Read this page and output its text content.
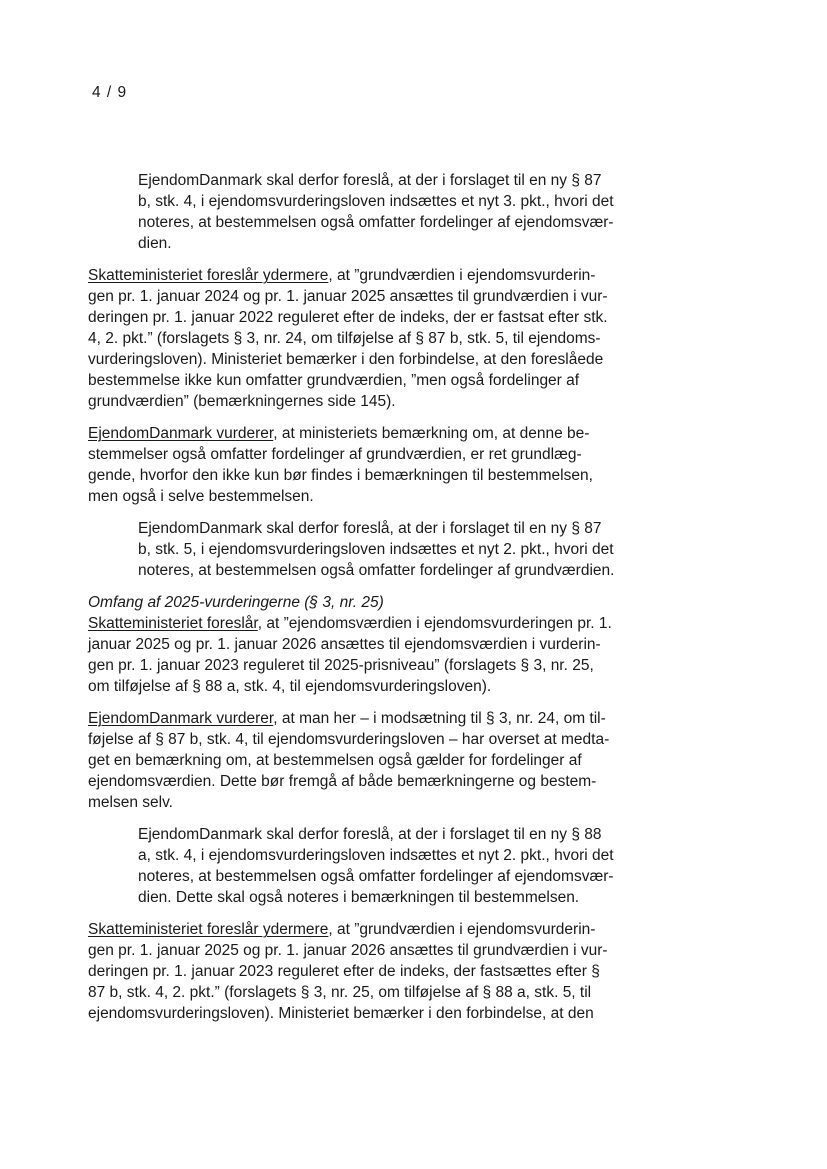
4 / 9

EjendomDanmark skal derfor foreslå, at der i forslaget til en ny § 87
b, stk. 4, i ejendomsvurderingsloven indsættes et nyt 3. pkt., hvori det
noteres, at bestemmelsen også omfatter fordelinger af ejendomsvær-
dien.

Skatteministeriet foreslår ydermere, at ”grundværdien i ejendomsvurderin-
gen pr. 1. januar 2024 og pr. 1. januar 2025 ansættes til grundværdien i vur-
deringen pr. 1. januar 2022 reguleret efter de indeks, der er fastsat efter stk.
4, 2. pkt.” (forslagets § 3, nr. 24, om tilføjelse af § 87 b, stk. 5, til ejendoms-
vurderingsloven). Ministeriet bemærker i den forbindelse, at den foreslåede
bestemmelse ikke kun omfatter grundværdien, ”men også fordelinger af
grundværdien” (bemærkningernes side 145).

EjendomDanmark vurderer, at ministeriets bemærkning om, at denne be-
stemmelser også omfatter fordelinger af grundværdien, er ret grundlæg-
gende, hvorfor den ikke kun bør findes i bemærkningen til bestemmelsen,
men også i selve bestemmelsen.

EjendomDanmark skal derfor foreslå, at der i forslaget til en ny § 87
b, stk. 5, i ejendomsvurderingsloven indsættes et nyt 2. pkt., hvori det
noteres, at bestemmelsen også omfatter fordelinger af grundværdien.

Omfang af 2025-vurderingerne (§ 3, nr. 25)
Skatteministeriet foreslår, at ”ejendomsværdien i ejendomsvurderingen pr. 1.
januar 2025 og pr. 1. januar 2026 ansættes til ejendomsværdien i vurderin-
gen pr. 1. januar 2023 reguleret til 2025-prisniveau” (forslagets § 3, nr. 25,
om tilføjelse af § 88 a, stk. 4, til ejendomsvurderingsloven).

EjendomDanmark vurderer, at man her – i modsætning til § 3, nr. 24, om til-
føjelse af § 87 b, stk. 4, til ejendomsvurderingsloven – har overset at medta-
get en bemærkning om, at bestemmelsen også gælder for fordelinger af
ejendomsværdien. Dette bør fremgå af både bemærkningerne og bestem-
melsen selv.

EjendomDanmark skal derfor foreslå, at der i forslaget til en ny § 88
a, stk. 4, i ejendomsvurderingsloven indsættes et nyt 2. pkt., hvori det
noteres, at bestemmelsen også omfatter fordelinger af ejendomsvær-
dien. Dette skal også noteres i bemærkningen til bestemmelsen.

Skatteministeriet foreslår ydermere, at ”grundværdien i ejendomsvurderin-
gen pr. 1. januar 2025 og pr. 1. januar 2026 ansættes til grundværdien i vur-
deringen pr. 1. januar 2023 reguleret efter de indeks, der fastsættes efter §
87 b, stk. 4, 2. pkt.” (forslagets § 3, nr. 25, om tilføjelse af § 88 a, stk. 5, til
ejendomsvurderingsloven). Ministeriet bemærker i den forbindelse, at den
